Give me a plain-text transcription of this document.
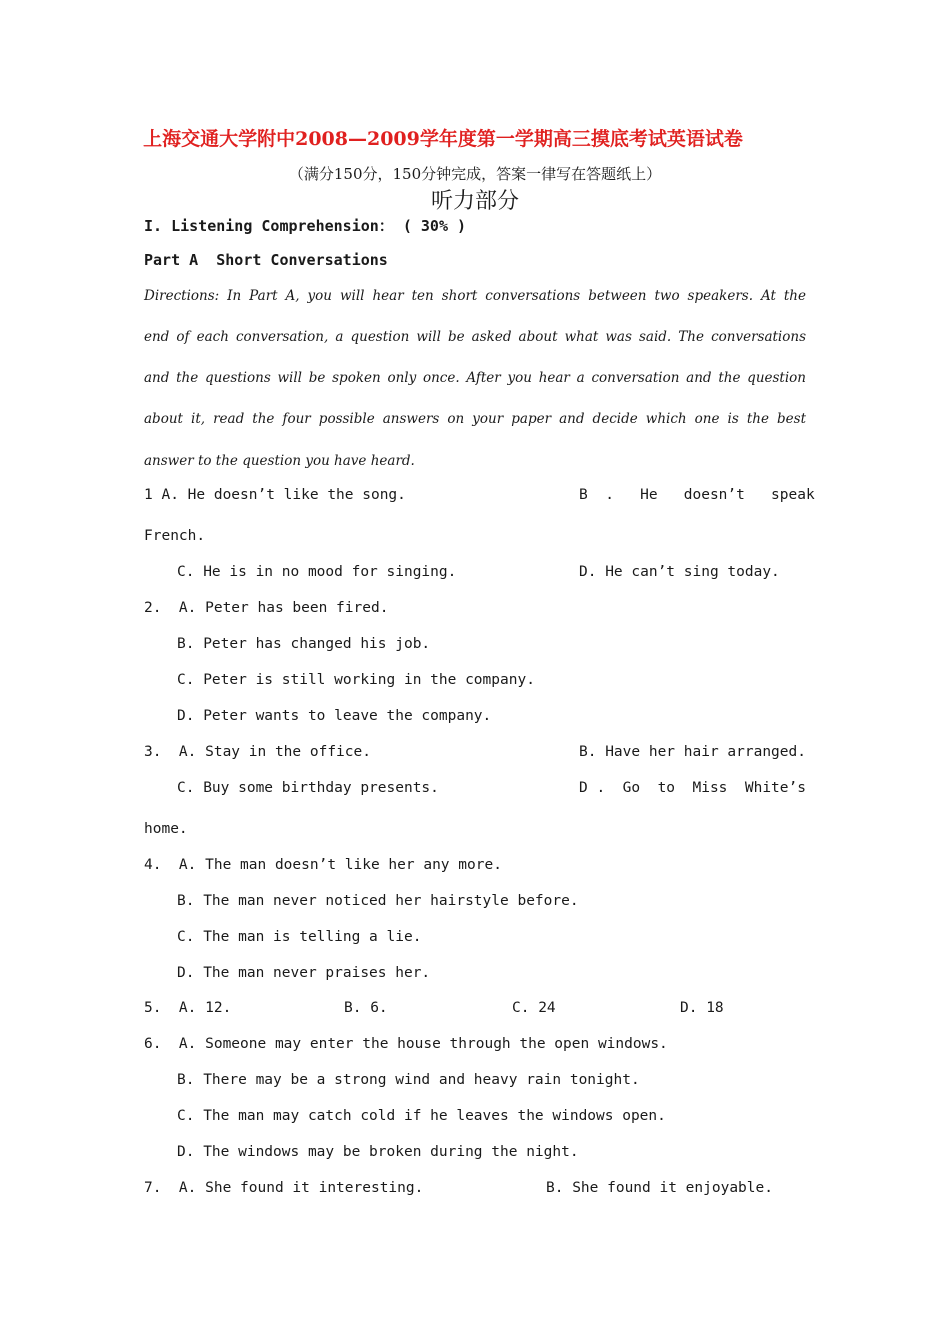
上海交通大学附中2008—2009学年度第一学期高三摸底考试英语试卷
（满分150分，150分钟完成，答案一律写在答题纸上）
听力部分
I. Listening Comprehension： ( 30% )
Part A  Short Conversations
Directions: In Part A, you will hear ten short conversations between two speakers. At the
end of each conversation, a question will be asked about what was said. The conversations
and the questions will be spoken only once. After you hear a conversation and the question
about it, read the four possible answers on your paper and decide which one is the best
answer to the question you have heard.
1 A. He doesn’t like the song.	B  .   He   doesn’t   speak
French.
C. He is in no mood for singing.	D. He can’t sing today.
2.  A. Peter has been fired.
B. Peter has changed his job.
C. Peter is still working in the company.
D. Peter wants to leave the company.
3.  A. Stay in the office.	B. Have her hair arranged.
C. Buy some birthday presents.	D .  Go  to  Miss  White’s
home.
4.  A. The man doesn’t like her any more.
B. The man never noticed her hairstyle before.
C. The man is telling a lie.
D. The man never praises her.
5.  A. 12.	B. 6.	C. 24	D. 18
6.  A. Someone may enter the house through the open windows.
B. There may be a strong wind and heavy rain tonight.
C. The man may catch cold if he leaves the windows open.
D. The windows may be broken during the night.
7.  A. She found it interesting.	B. She found it enjoyable.
